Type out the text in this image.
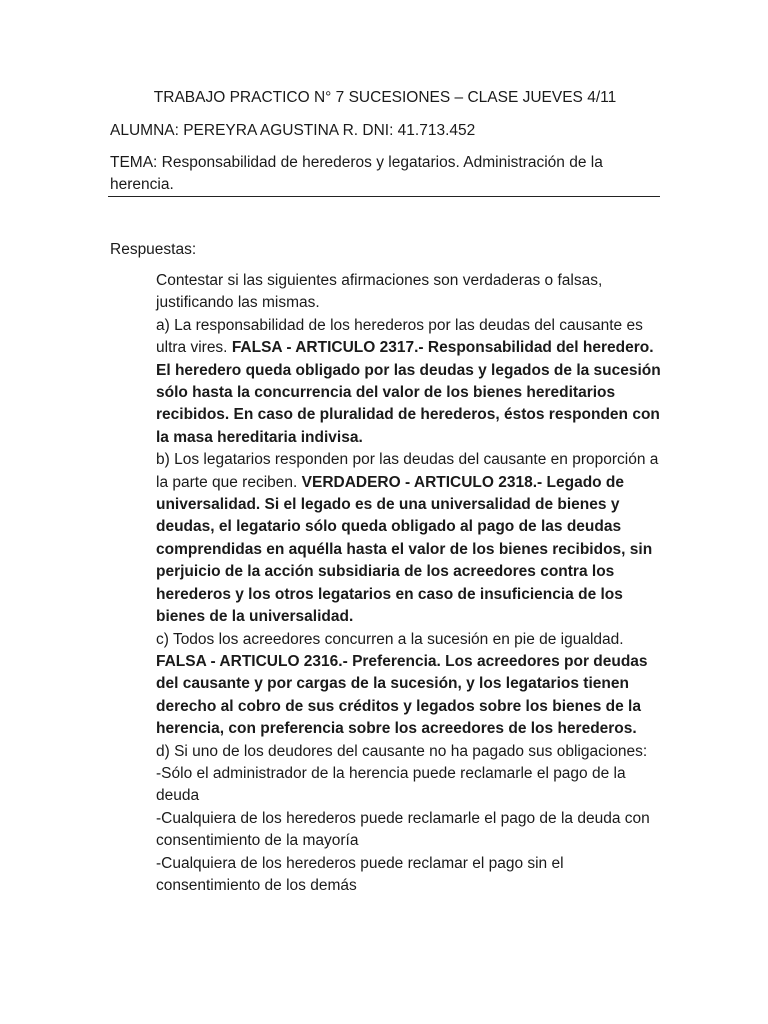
TRABAJO PRACTICO N° 7 SUCESIONES – CLASE JUEVES 4/11
ALUMNA: PEREYRA AGUSTINA R. DNI: 41.713.452
TEMA: Responsabilidad de herederos y legatarios. Administración de la herencia.
Respuestas:

Contestar si las siguientes afirmaciones son verdaderas o falsas, justificando las mismas.

a) La responsabilidad de los herederos por las deudas del causante es ultra vires. FALSA - ARTICULO 2317.- Responsabilidad del heredero. El heredero queda obligado por las deudas y legados de la sucesión sólo hasta la concurrencia del valor de los bienes hereditarios recibidos. En caso de pluralidad de herederos, éstos responden con la masa hereditaria indivisa.

b) Los legatarios responden por las deudas del causante en proporción a la parte que reciben. VERDADERO - ARTICULO 2318.- Legado de universalidad. Si el legado es de una universalidad de bienes y deudas, el legatario sólo queda obligado al pago de las deudas comprendidas en aquélla hasta el valor de los bienes recibidos, sin perjuicio de la acción subsidiaria de los acreedores contra los herederos y los otros legatarios en caso de insuficiencia de los bienes de la universalidad.

c) Todos los acreedores concurren a la sucesión en pie de igualdad. FALSA - ARTICULO 2316.- Preferencia. Los acreedores por deudas del causante y por cargas de la sucesión, y los legatarios tienen derecho al cobro de sus créditos y legados sobre los bienes de la herencia, con preferencia sobre los acreedores de los herederos.

d) Si uno de los deudores del causante no ha pagado sus obligaciones:

-Sólo el administrador de la herencia puede reclamarle el pago de la deuda

-Cualquiera de los herederos puede reclamarle el pago de la deuda con consentimiento de la mayoría

-Cualquiera de los herederos puede reclamar el pago sin el consentimiento de los demás
